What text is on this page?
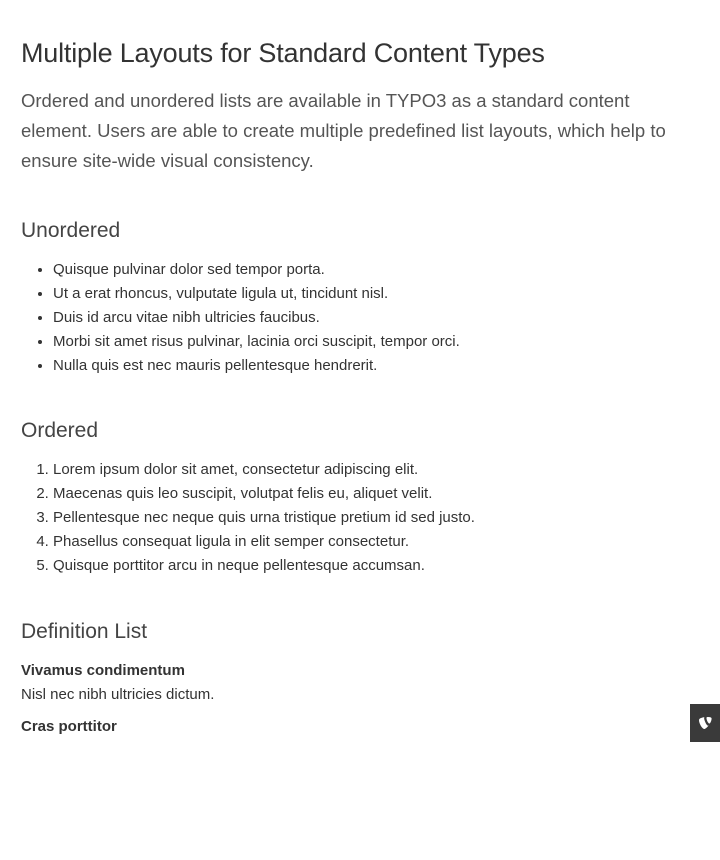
Multiple Layouts for Standard Content Types

Ordered and unordered lists are available in TYPO3 as a standard content element. Users are able to create multiple predefined list layouts, which help to ensure site-wide visual consistency.

Unordered
• Quisque pulvinar dolor sed tempor porta.
• Ut a erat rhoncus, vulputate ligula ut, tincidunt nisl.
• Duis id arcu vitae nibh ultricies faucibus.
• Morbi sit amet risus pulvinar, lacinia orci suscipit, tempor orci.
• Nulla quis est nec mauris pellentesque hendrerit.
Ordered
1. Lorem ipsum dolor sit amet, consectetur adipiscing elit.
2. Maecenas quis leo suscipit, volutpat felis eu, aliquet velit.
3. Pellentesque nec neque quis urna tristique pretium id sed justo.
4. Phasellus consequat ligula in elit semper consectetur.
5. Quisque porttitor arcu in neque pellentesque accumsan.
Definition List
Vivamus condimentum
Nisl nec nibh ultricies dictum.
Cras porttitor
